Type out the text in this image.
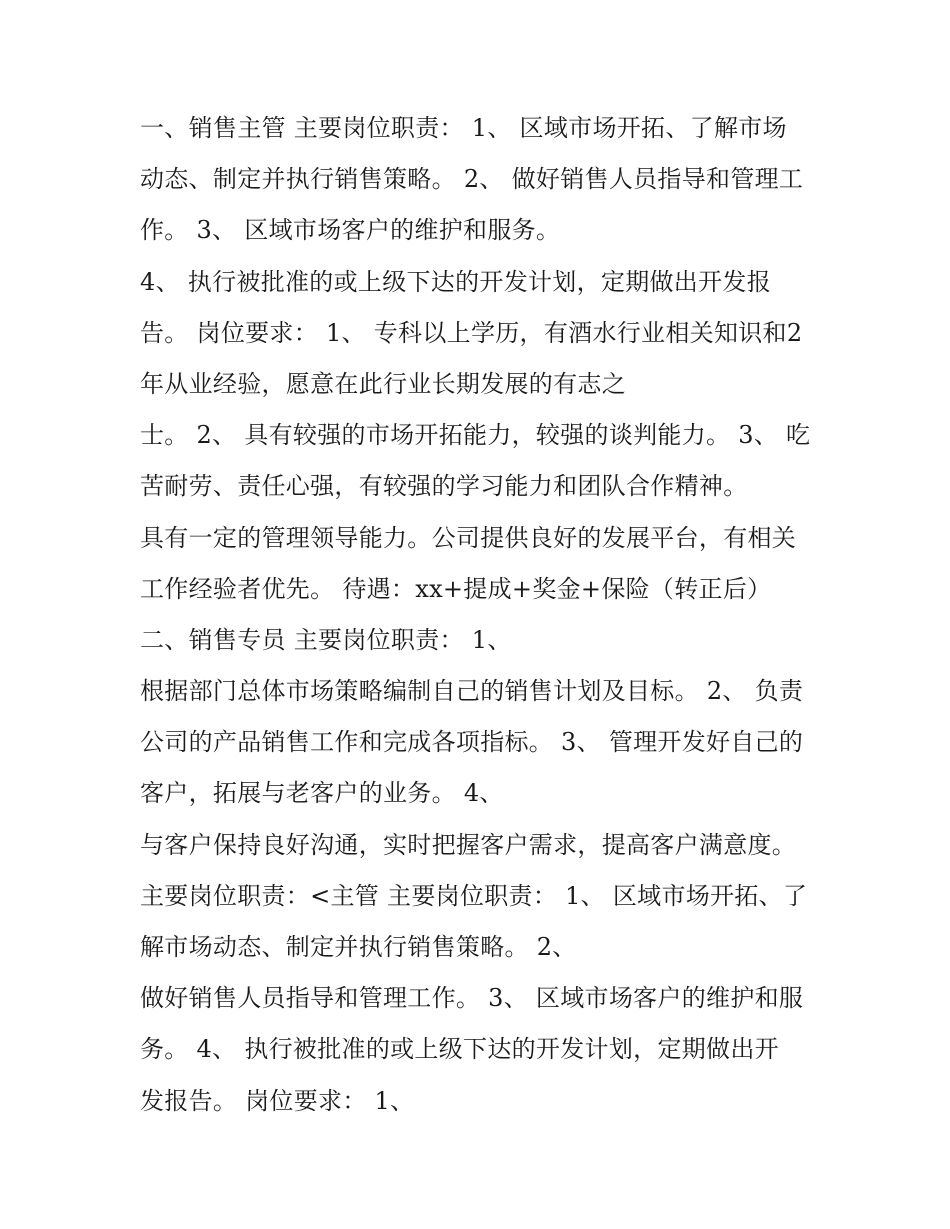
一、销售主管 主要岗位职责： 1、 区域市场开拓、了解市场
动态、制定并执行销售策略。 2、 做好销售人员指导和管理工
作。 3、 区域市场客户的维护和服务。
4、 执行被批准的或上级下达的开发计划，定期做出开发报
告。 岗位要求： 1、 专科以上学历，有酒水行业相关知识和2
年从业经验，愿意在此行业长期发展的有志之
士。 2、 具有较强的市场开拓能力，较强的谈判能力。 3、 吃
苦耐劳、责任心强，有较强的学习能力和团队合作精神。
具有一定的管理领导能力。公司提供良好的发展平台，有相关
工作经验者优先。 待遇：xx+提成+奖金+保险（转正后）
二、销售专员 主要岗位职责： 1、
根据部门总体市场策略编制自己的销售计划及目标。 2、 负责
公司的产品销售工作和完成各项指标。 3、 管理开发好自己的
客户，拓展与老客户的业务。 4、
与客户保持良好沟通，实时把握客户需求，提高客户满意度。
主要岗位职责：<主管 主要岗位职责： 1、 区域市场开拓、了
解市场动态、制定并执行销售策略。 2、
做好销售人员指导和管理工作。 3、 区域市场客户的维护和服
务。 4、 执行被批准的或上级下达的开发计划，定期做出开
发报告。 岗位要求： 1、
